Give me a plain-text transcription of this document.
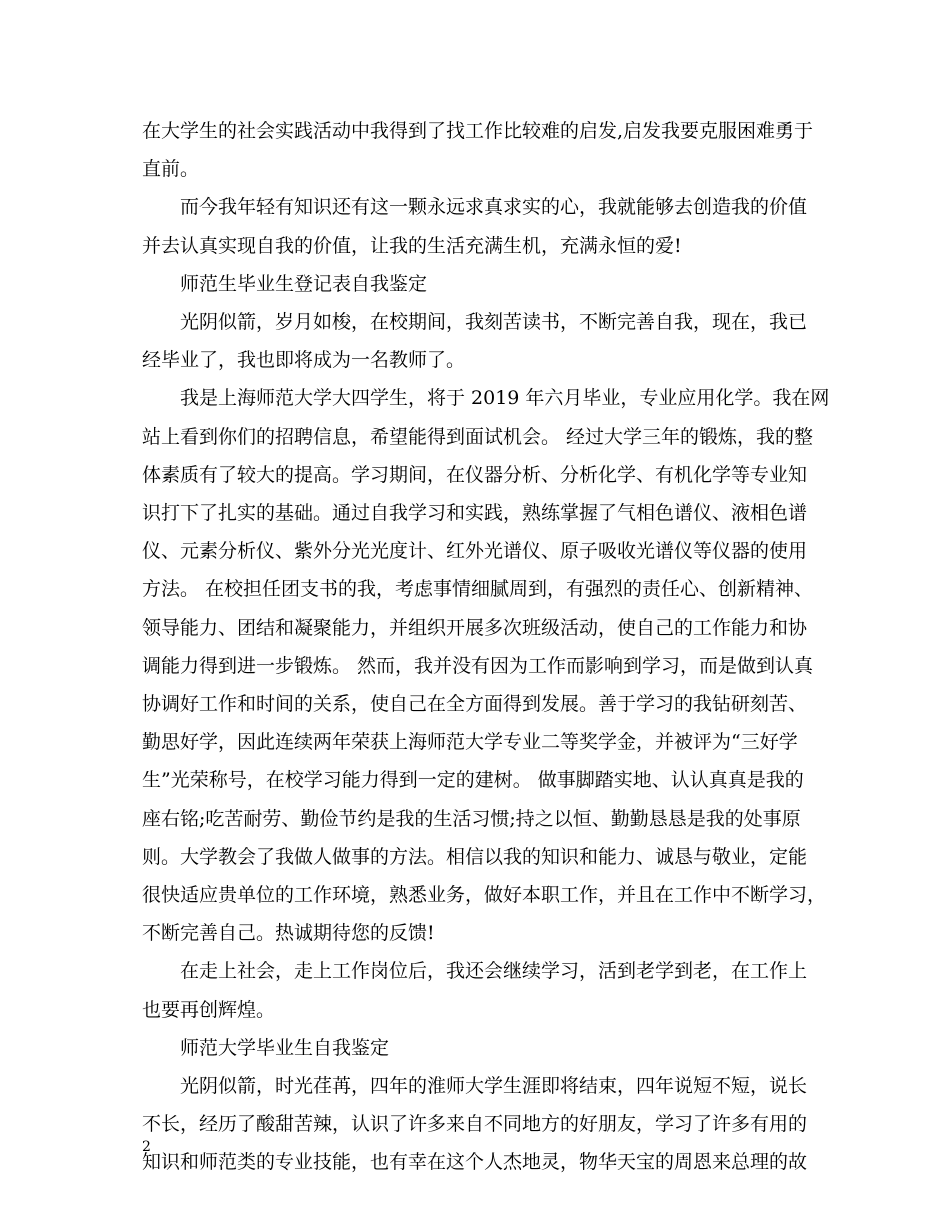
在大学生的社会实践活动中我得到了找工作比较难的启发,启发我要克服困难勇于
直前。
而今我年轻有知识还有这一颗永远求真求实的心，我就能够去创造我的价值
并去认真实现自我的价值，让我的生活充满生机，充满永恒的爱!
师范生毕业生登记表自我鉴定
光阴似箭，岁月如梭，在校期间，我刻苦读书，不断完善自我，现在，我已
经毕业了，我也即将成为一名教师了。
我是上海师范大学大四学生，将于 2019 年六月毕业，专业应用化学。我在网
站上看到你们的招聘信息，希望能得到面试机会。 经过大学三年的锻炼，我的整
体素质有了较大的提高。学习期间，在仪器分析、分析化学、有机化学等专业知
识打下了扎实的基础。通过自我学习和实践，熟练掌握了气相色谱仪、液相色谱
仪、元素分析仪、紫外分光光度计、红外光谱仪、原子吸收光谱仪等仪器的使用
方法。 在校担任团支书的我，考虑事情细腻周到，有强烈的责任心、创新精神、
领导能力、团结和凝聚能力，并组织开展多次班级活动，使自己的工作能力和协
调能力得到进一步锻炼。 然而，我并没有因为工作而影响到学习，而是做到认真
协调好工作和时间的关系，使自己在全方面得到发展。善于学习的我钻研刻苦、
勤思好学，因此连续两年荣获上海师范大学专业二等奖学金，并被评为“三好学
生”光荣称号，在校学习能力得到一定的建树。 做事脚踏实地、认认真真是我的
座右铭;吃苦耐劳、勤俭节约是我的生活习惯;持之以恒、勤勤恳恳是我的处事原
则。大学教会了我做人做事的方法。相信以我的知识和能力、诚恳与敬业，定能
很快适应贵单位的工作环境，熟悉业务，做好本职工作，并且在工作中不断学习，
不断完善自己。热诚期待您的反馈!
在走上社会，走上工作岗位后，我还会继续学习，活到老学到老，在工作上
也要再创辉煌。
师范大学毕业生自我鉴定
光阴似箭，时光荏苒，四年的淮师大学生涯即将结束，四年说短不短，说长
不长，经历了酸甜苦辣，认识了许多来自不同地方的好朋友，学习了许多有用的
知识和师范类的专业技能，也有幸在这个人杰地灵，物华天宝的周恩来总理的故
2
